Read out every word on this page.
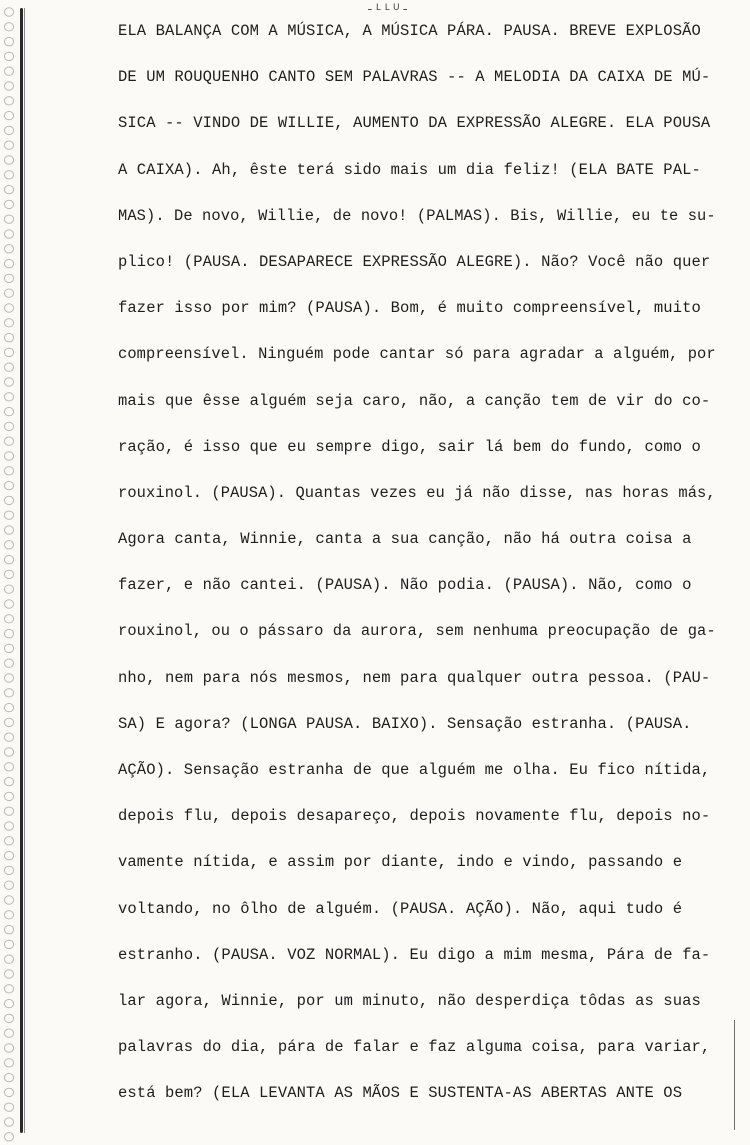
-ᴸᴸᵁ-
ELA BALANÇA COM A MÚSICA, A MÚSICA PÁRA. PAUSA. BREVE EXPLOSÃO
DE UM ROUQUENHO CANTO SEM PALAVRAS -- A MELODIA DA CAIXA DE MÚ-
SICA -- VINDO DE WILLIE, AUMENTO DA EXPRESSÃO ALEGRE. ELA POUSA
A CAIXA). Ah, êste terá sido mais um dia feliz! (ELA BATE PAL-
MAS). De novo, Willie, de novo! (PALMAS). Bis, Willie, eu te su-
plico! (PAUSA. DESAPARECE EXPRESSÃO ALEGRE). Não? Você não quer
fazer isso por mim? (PAUSA). Bom, é muito compreensível, muito
compreensível. Ninguém pode cantar só para agradar a alguém, por
mais que êsse alguém seja caro, não, a canção tem de vir do co-
ração, é isso que eu sempre digo, sair lá bem do fundo, como o
rouxinol. (PAUSA). Quantas vezes eu já não disse, nas horas más,
Agora canta, Winnie, canta a sua canção, não há outra coisa a
fazer, e não cantei. (PAUSA). Não podia. (PAUSA). Não, como o
rouxinol, ou o pássaro da aurora, sem nenhuma preocupação de ga-
nho, nem para nós mesmos, nem para qualquer outra pessoa. (PAU-
SA) E agora? (LONGA PAUSA. BAIXO). Sensação estranha. (PAUSA.
AÇÃO). Sensação estranha de que alguém me olha. Eu fico nítida,
depois flu, depois desapareço, depois novamente flu, depois no-
vamente nítida, e assim por diante, indo e vindo, passando e
voltando, no ôlho de alguém. (PAUSA. AÇÃO). Não, aqui tudo é
estranho. (PAUSA. VOZ NORMAL). Eu digo a mim mesma, Pára de fa-
lar agora, Winnie, por um minuto, não desperdiça tôdas as suas
palavras do dia, pára de falar e faz alguma coisa, para variar,
está bem? (ELA LEVANTA AS MÃOS E SUSTENTA-AS ABERTAS ANTE OS
